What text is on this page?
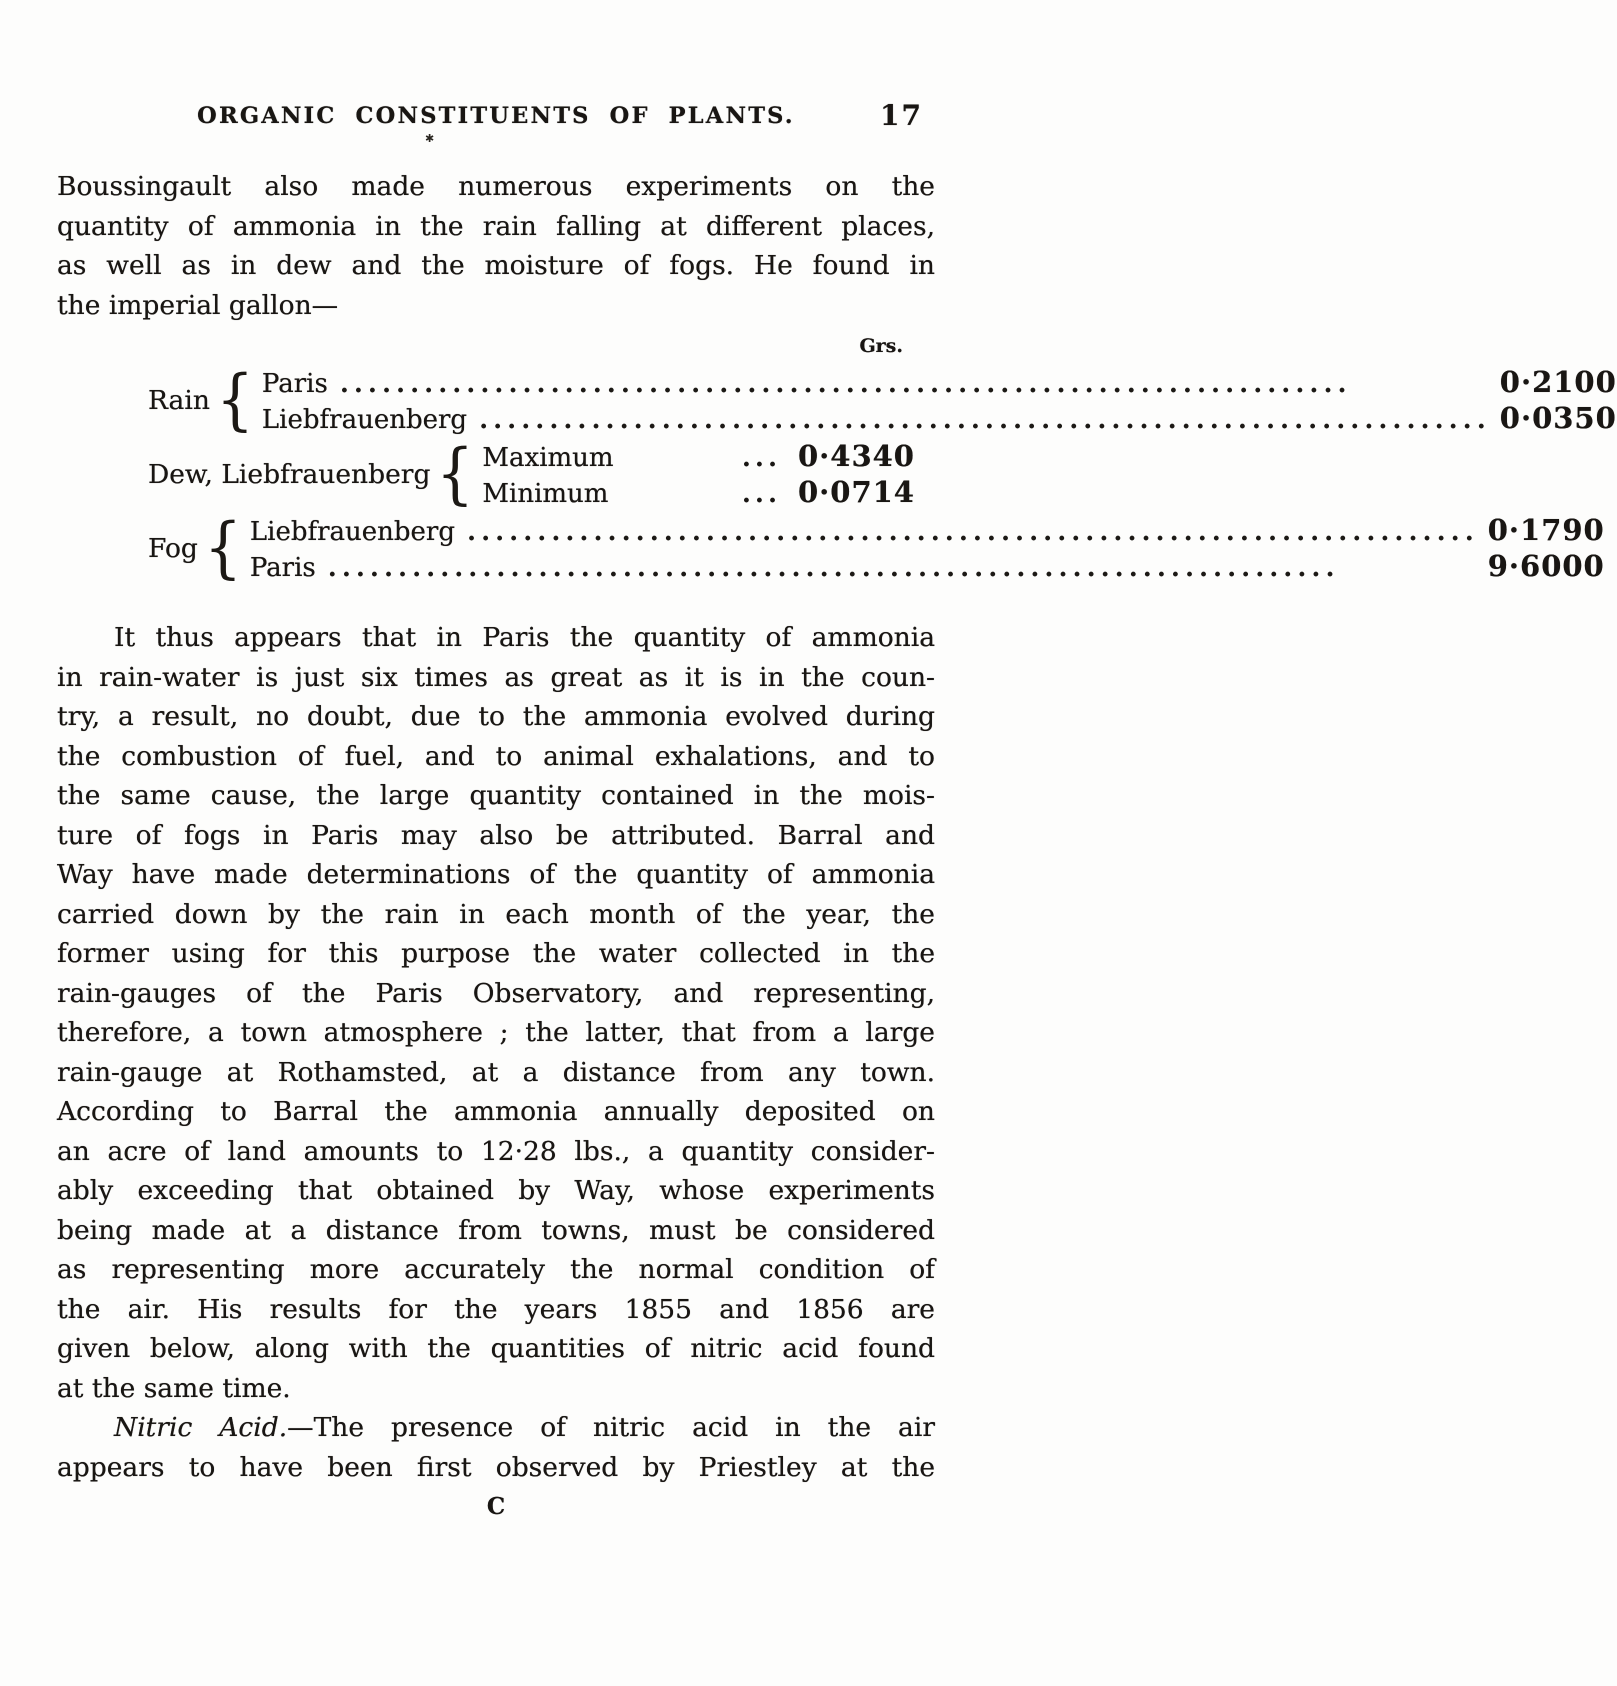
ORGANIC CONSTITUENTS OF PLANTS.	17
✱
Boussingault also made numerous experiments on the
quantity of ammonia in the rain falling at different places,
as well as in dew and the moisture of fogs. He found in
the imperial gallon—
Grs.
Rain { Paris .....	0·2100
Liebfrauenberg .....	0·0350
Dew, Liebfrauenberg { Maximum	... 0·4340
Minimum	... 0·0714
Fog { Liebfrauenberg .....	0·1790
Paris .....	9·6000
It thus appears that in Paris the quantity of ammonia
in rain-water is just six times as great as it is in the coun-
try, a result, no doubt, due to the ammonia evolved during
the combustion of fuel, and to animal exhalations, and to
the same cause, the large quantity contained in the mois-
ture of fogs in Paris may also be attributed. Barral and
Way have made determinations of the quantity of ammonia
carried down by the rain in each month of the year, the
former using for this purpose the water collected in the
rain-gauges of the Paris Observatory, and representing,
therefore, a town atmosphere ; the latter, that from a large
rain-gauge at Rothamsted, at a distance from any town.
According to Barral the ammonia annually deposited on
an acre of land amounts to 12·28 lbs., a quantity consider-
ably exceeding that obtained by Way, whose experiments
being made at a distance from towns, must be considered
as representing more accurately the normal condition of
the air. His results for the years 1855 and 1856 are
given below, along with the quantities of nitric acid found
at the same time.
Nitric Acid.—The presence of nitric acid in the air
appears to have been first observed by Priestley at the
C
